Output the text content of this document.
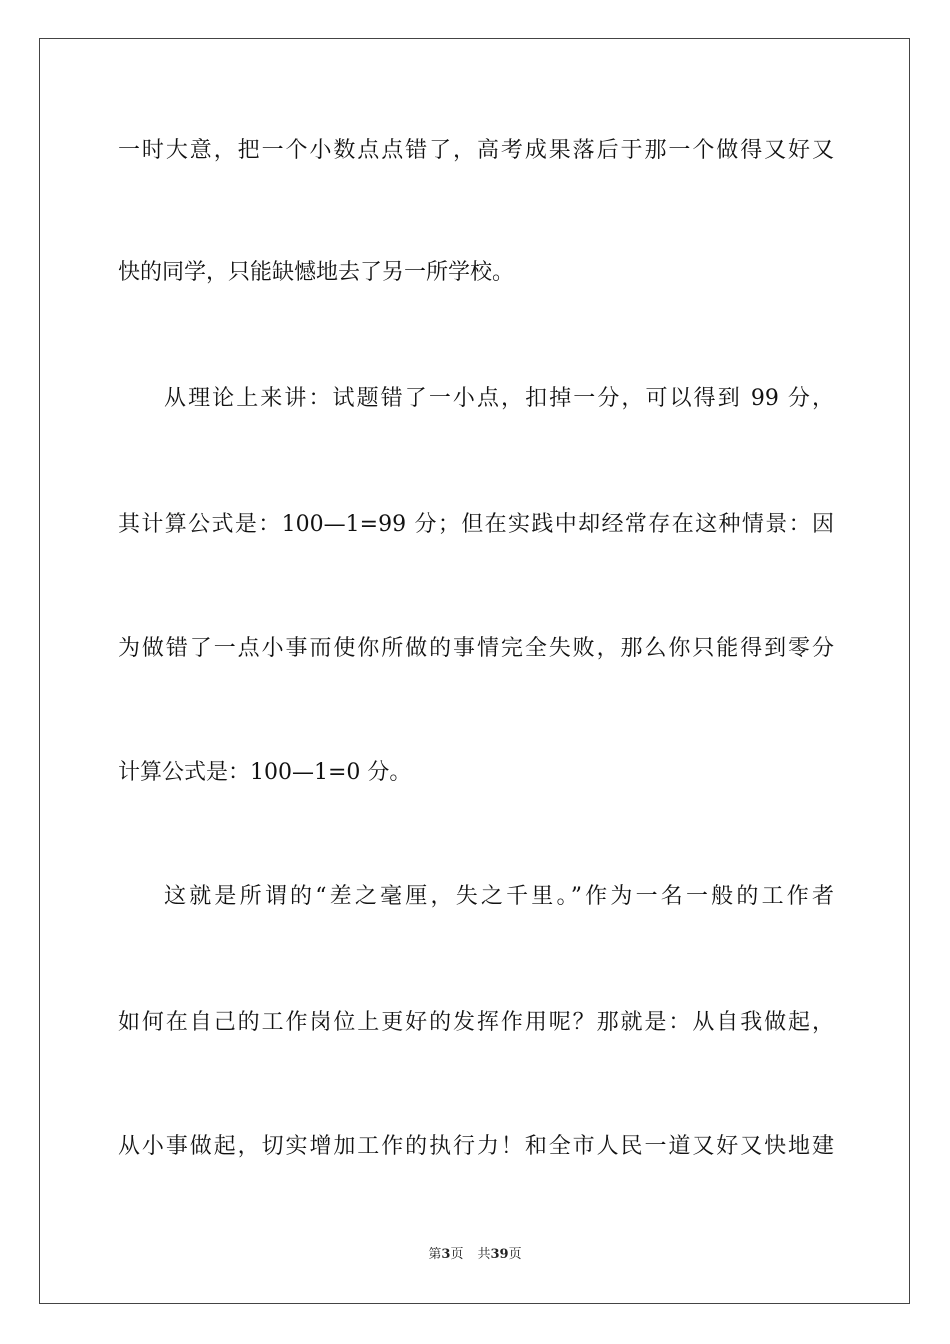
一时大意，把一个小数点点错了，高考成果落后于那一个做得又好又
快的同学，只能缺憾地去了另一所学校。
从理论上来讲：试题错了一小点，扣掉一分，可以得到 99 分，
其计算公式是：100—1=99 分；但在实践中却经常存在这种情景：因
为做错了一点小事而使你所做的事情完全失败，那么你只能得到零分
计算公式是：100—1=0 分。
这就是所谓的“差之毫厘，失之千里。”作为一名一般的工作者
如何在自己的工作岗位上更好的发挥作用呢？那就是：从自我做起，
从小事做起，切实增加工作的执行力！和全市人民一道又好又快地建
第3页 共39页
